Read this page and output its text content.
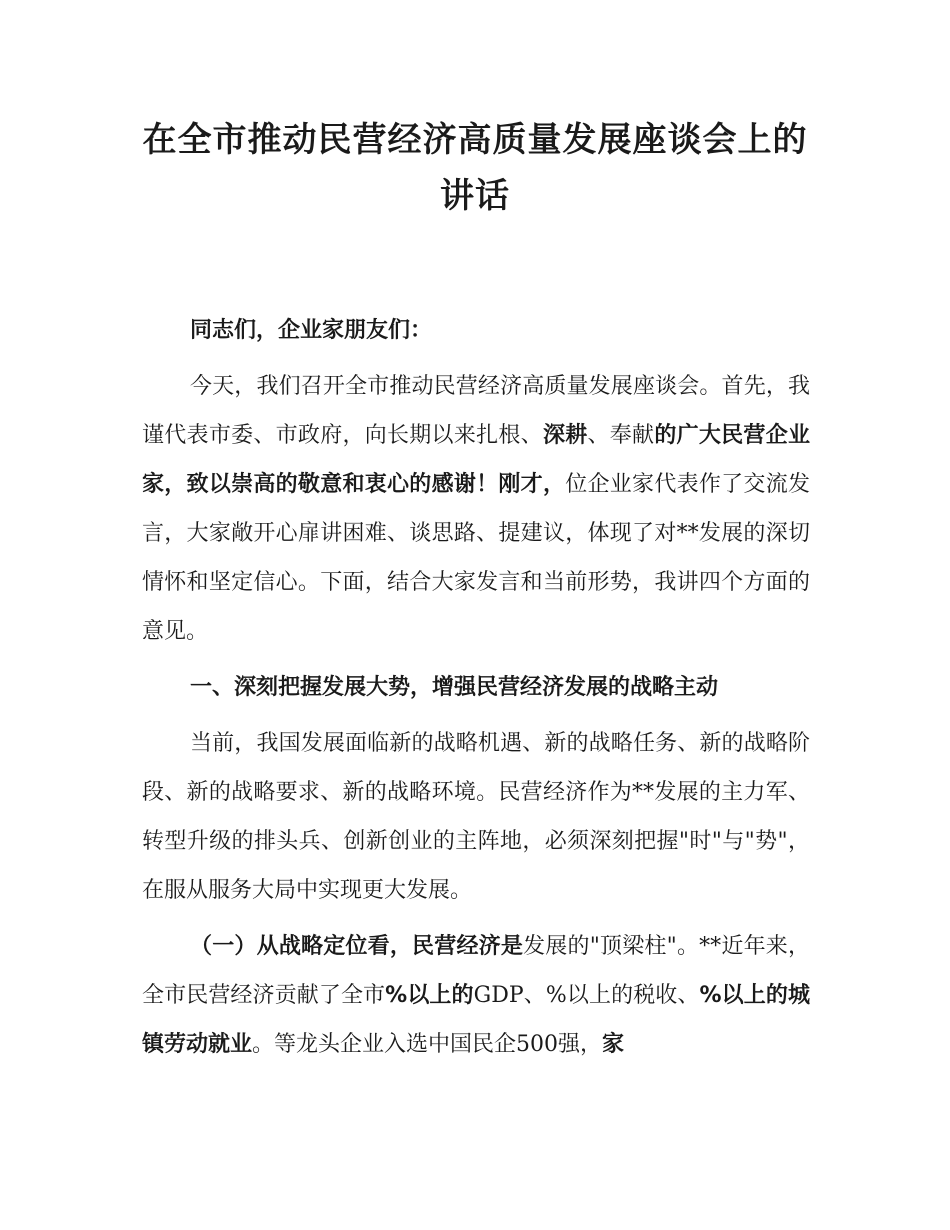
在全市推动民营经济高质量发展座谈会上的
讲话

同志们，企业家朋友们：

今天，我们召开全市推动民营经济高质量发展座谈会。首先，我谨代表市委、市政府，向长期以来扎根、深耕、奉献的广大民营企业家，致以崇高的敬意和衷心的感谢！刚才，位企业家代表作了交流发言，大家敞开心扉讲困难、谈思路、提建议，体现了对**发展的深切情怀和坚定信心。下面，结合大家发言和当前形势，我讲四个方面的意见。

一、深刻把握发展大势，增强民营经济发展的战略主动

当前，我国发展面临新的战略机遇、新的战略任务、新的战略阶段、新的战略要求、新的战略环境。民营经济作为**发展的主力军、转型升级的排头兵、创新创业的主阵地，必须深刻把握"时"与"势"，在服从服务大局中实现更大发展。

（一）从战略定位看，民营经济是发展的"顶梁柱"。**近年来，全市民营经济贡献了全市%以上的GDP、%以上的税收、%以上的城镇劳动就业。等龙头企业入选中国民企500强，家
